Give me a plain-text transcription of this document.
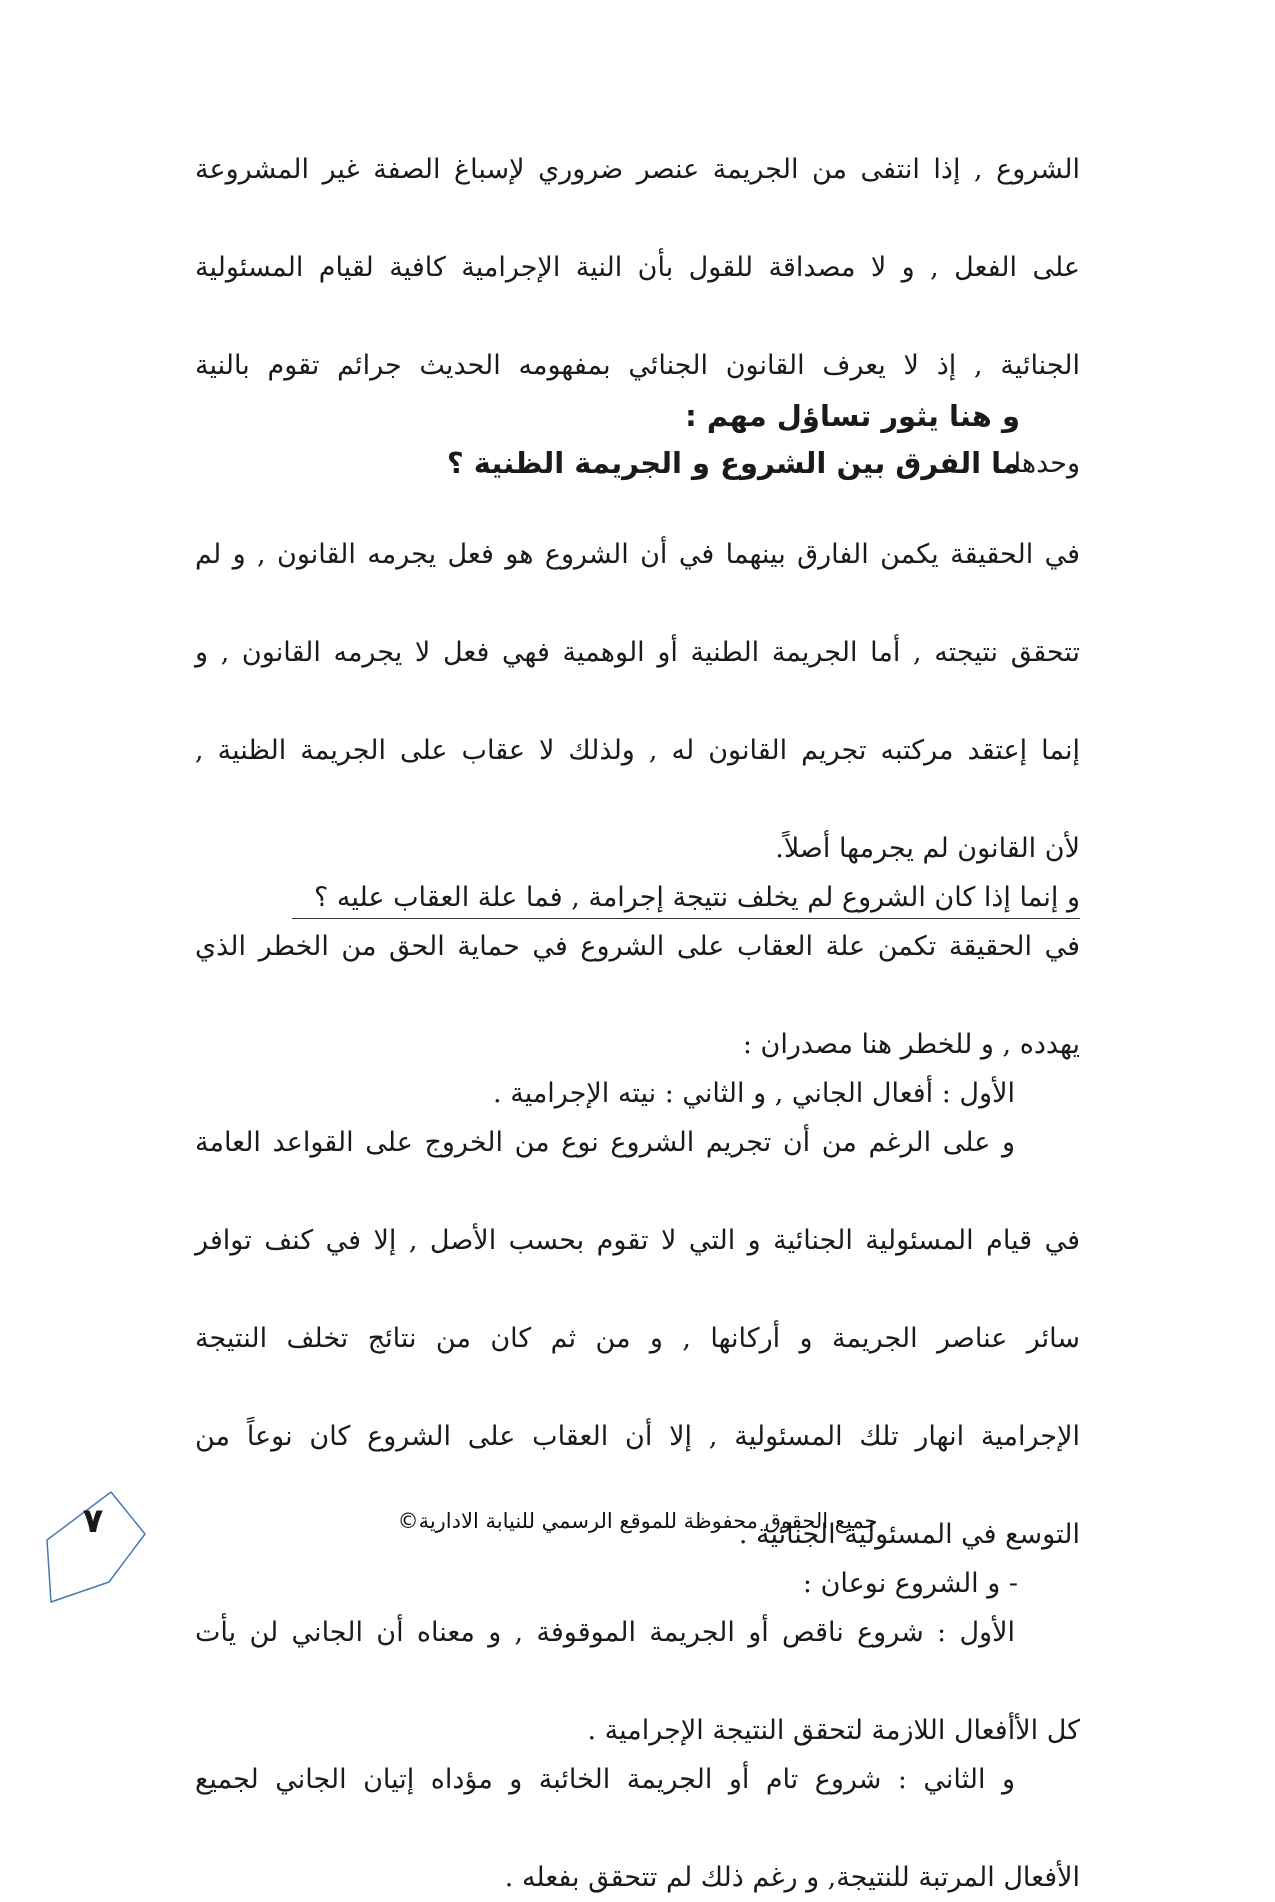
الشروع , إذا انتفى من الجريمة عنصر ضروري لإسباغ الصفة غير المشروعة

على الفعل , و لا مصداقة للقول بأن النية الإجرامية كافية لقيام المسئولية

الجنائية , إذ لا يعرف القانون الجنائي بمفهومه الحديث جرائم تقوم بالنية

وحدها .

و هنا يثور تساؤل مهم :

ما الفرق بين الشروع و الجريمة الظنية ؟

في الحقيقة يكمن الفارق بينهما في أن الشروع هو فعل يجرمه القانون , و لم

تتحقق نتيجته , أما الجريمة الطنية أو الوهمية فهي فعل لا يجرمه القانون , و

إنما إعتقد مركتبه تجريم القانون له , ولذلك لا عقاب على الجريمة الظنية ,

لأن القانون لم يجرمها أصلاً.

و إنما إذا كان الشروع لم يخلف نتيجة إجرامة , فما علة العقاب عليه ؟

في الحقيقة تكمن علة العقاب على الشروع في حماية الحق من الخطر الذي

يهدده , و للخطر هنا مصدران :

الأول : أفعال الجاني , و الثاني : نيته الإجرامية .

و على الرغم من أن تجريم الشروع نوع من الخروج على القواعد العامة

في قيام المسئولية الجنائية و التي لا تقوم بحسب الأصل , إلا في كنف توافر

سائر عناصر الجريمة و أركانها , و من ثم كان من نتائج تخلف النتيجة

الإجرامية انهار تلك المسئولية , إلا أن العقاب على الشروع كان نوعاً من

التوسع في المسئولية الجنائية .

- و الشروع نوعان :

الأول : شروع ناقص أو الجريمة الموقوفة , و معناه أن الجاني لن يأت

كل الأأفعال اللازمة لتحقق النتيجة الإجرامية .

و الثاني : شروع تام أو الجريمة الخائبة و مؤداه إتيان الجاني لجميع

الأفعال المرتبة للنتيجة, و رغم ذلك لم تتحقق بفعله .

جميع الحقوق محفوظة للموقع الرسمي للنيابة الادارية©
٧
